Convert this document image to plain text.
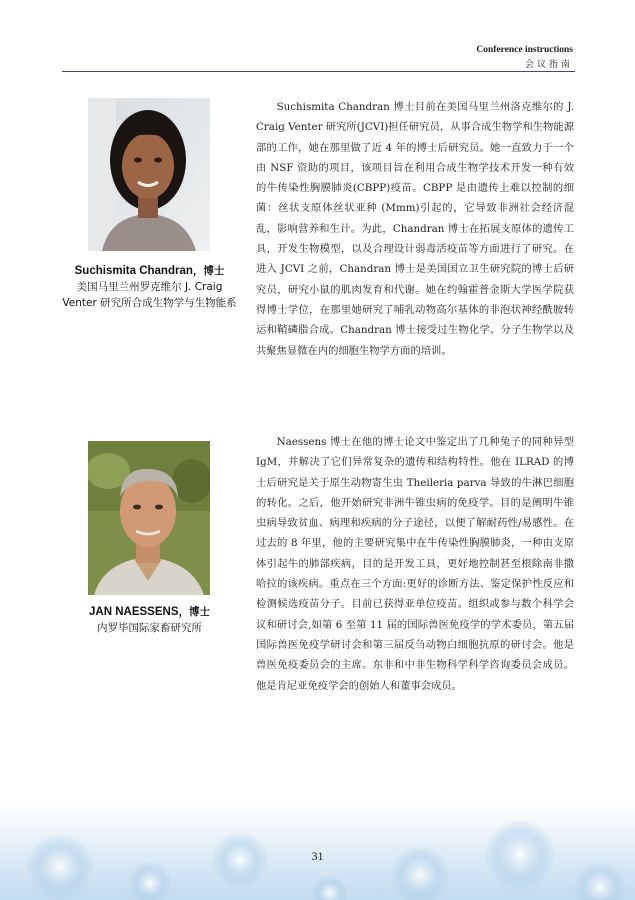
Conference instructions
会议指南
Suchismita Chandran，博士
美国马里兰州罗克维尔 J. Craig Venter 研究所合成生物学与生物能系
Suchismita Chandran 博士目前在美国马里兰州洛克维尔的 J. Craig Venter 研究所(JCVI)担任研究员，从事合成生物学和生物能源部的工作，她在那里做了近 4 年的博士后研究员。她一直致力于一个由 NSF 资助的项目，该项目旨在利用合成生物学技术开发一种有效的牛传染性胸膜肺炎(CBPP)疫苗。CBPP 是由遗传上难以控制的细菌：丝状支原体丝状亚种 (Mmm)引起的，它导致非洲社会经济混乱，影响营养和生计。为此，Chandran 博士在拓展支原体的遗传工具，开发生物模型，以及合理设计弱毒活疫苗等方面进行了研究。在进入 JCVI 之前，Chandran 博士是美国国立卫生研究院的博士后研究员，研究小鼠的肌肉发育和代谢。她在约翰霍普金斯大学医学院获得博士学位，在那里她研究了哺乳动物高尔基体的非泡状神经酰胺转运和鞘磷脂合成。Chandran 博士接受过生物化学、分子生物学以及共聚焦显微在内的细胞生物学方面的培训。
JAN NAESSENS，博士
内罗毕国际家畜研究所
Naessens 博士在他的博士论文中鉴定出了几种兔子的同种异型 IgM，并解决了它们异常复杂的遗传和结构特性。他在 ILRAD 的博士后研究是关于原生动物寄生虫 Theileria parva 导致的牛淋巴细胞的转化。之后，他开始研究非洲牛锥虫病的免疫学。目的是阐明牛锥虫病导致贫血、病理和疾病的分子途径，以便了解耐药性/易感性。在过去的 8 年里，他的主要研究集中在牛传染性胸膜肺炎，一种由支原体引起牛的肺部疾病，目的是开发工具，更好地控制甚至根除南非撒哈拉的该疾病。重点在三个方面:更好的诊断方法、鉴定保护性反应和检测候选疫苗分子。目前已获得亚单位疫苗。组织或参与数个科学会议和研讨会,如第 6 至第 11 届的国际兽医免疫学的学术委员，第五届国际兽医免疫学研讨会和第三届反刍动物白细胞抗原的研讨会。他是兽医免疫委员会的主席。东非和中非生物科学科学咨询委员会成员。他是肯尼亚免疫学会的创始人和董事会成员。
31
